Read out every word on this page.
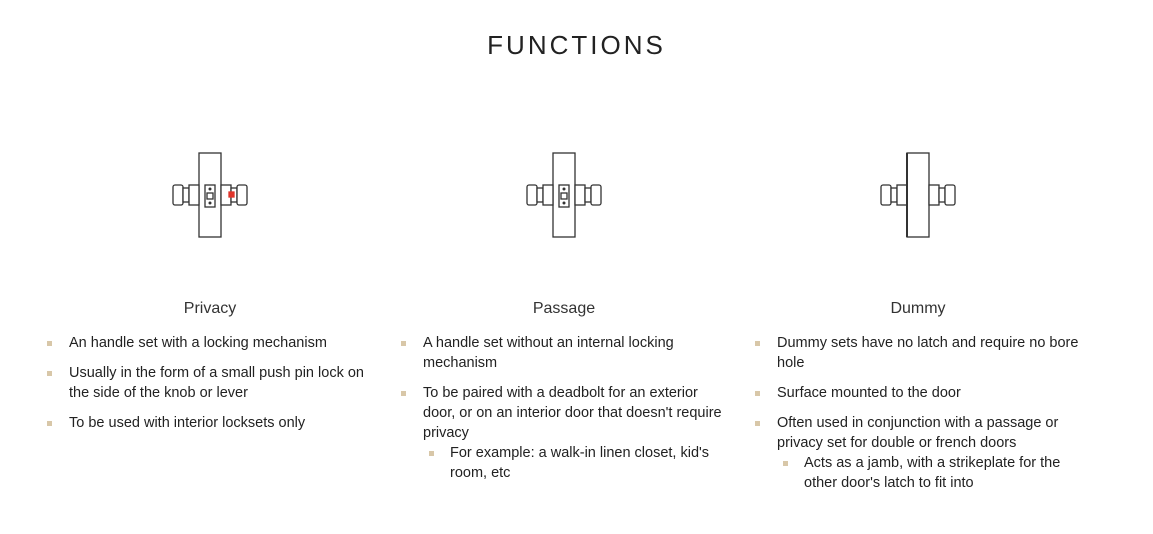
FUNCTIONS
Privacy
An handle set with a locking mechanism
Usually in the form of a small push pin lock on the side of the knob or lever
To be used with interior locksets only
Passage
A handle set without an internal locking mechanism
To be paired with a deadbolt for an exterior door, or on an interior door that doesn't require privacy
For example: a walk-in linen closet, kid's room, etc
Dummy
Dummy sets have no latch and require no bore hole
Surface mounted to the door
Often used in conjunction with a passage or privacy set for double or french doors
Acts as a jamb, with a strikeplate for the other door's latch to fit into
